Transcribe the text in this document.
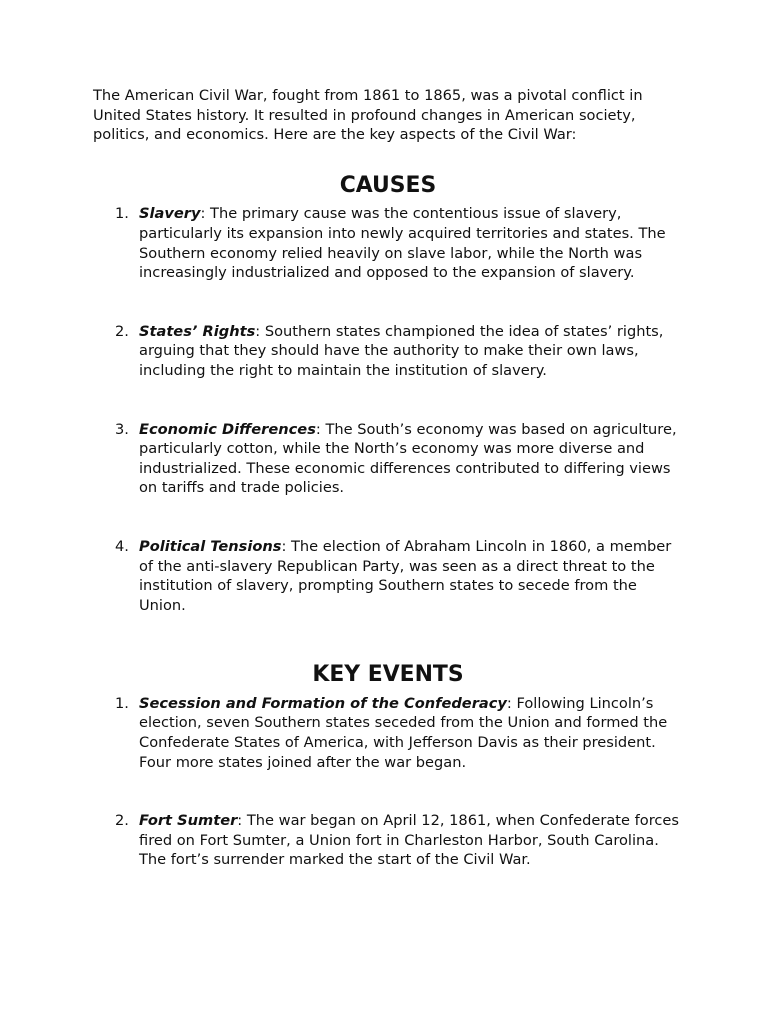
The American Civil War, fought from 1861 to 1865, was a pivotal conflict in United States history. It resulted in profound changes in American society, politics, and economics. Here are the key aspects of the Civil War:

CAUSES
1. Slavery: The primary cause was the contentious issue of slavery, particularly its expansion into newly acquired territories and states. The Southern economy relied heavily on slave labor, while the North was increasingly industrialized and opposed to the expansion of slavery.
2. States’ Rights: Southern states championed the idea of states’ rights, arguing that they should have the authority to make their own laws, including the right to maintain the institution of slavery.
3. Economic Differences: The South’s economy was based on agriculture, particularly cotton, while the North’s economy was more diverse and industrialized. These economic differences contributed to differing views on tariffs and trade policies.
4. Political Tensions: The election of Abraham Lincoln in 1860, a member of the anti-slavery Republican Party, was seen as a direct threat to the institution of slavery, prompting Southern states to secede from the Union.
KEY EVENTS
1. Secession and Formation of the Confederacy: Following Lincoln’s election, seven Southern states seceded from the Union and formed the Confederate States of America, with Jefferson Davis as their president. Four more states joined after the war began.
2. Fort Sumter: The war began on April 12, 1861, when Confederate forces fired on Fort Sumter, a Union fort in Charleston Harbor, South Carolina. The fort’s surrender marked the start of the Civil War.
